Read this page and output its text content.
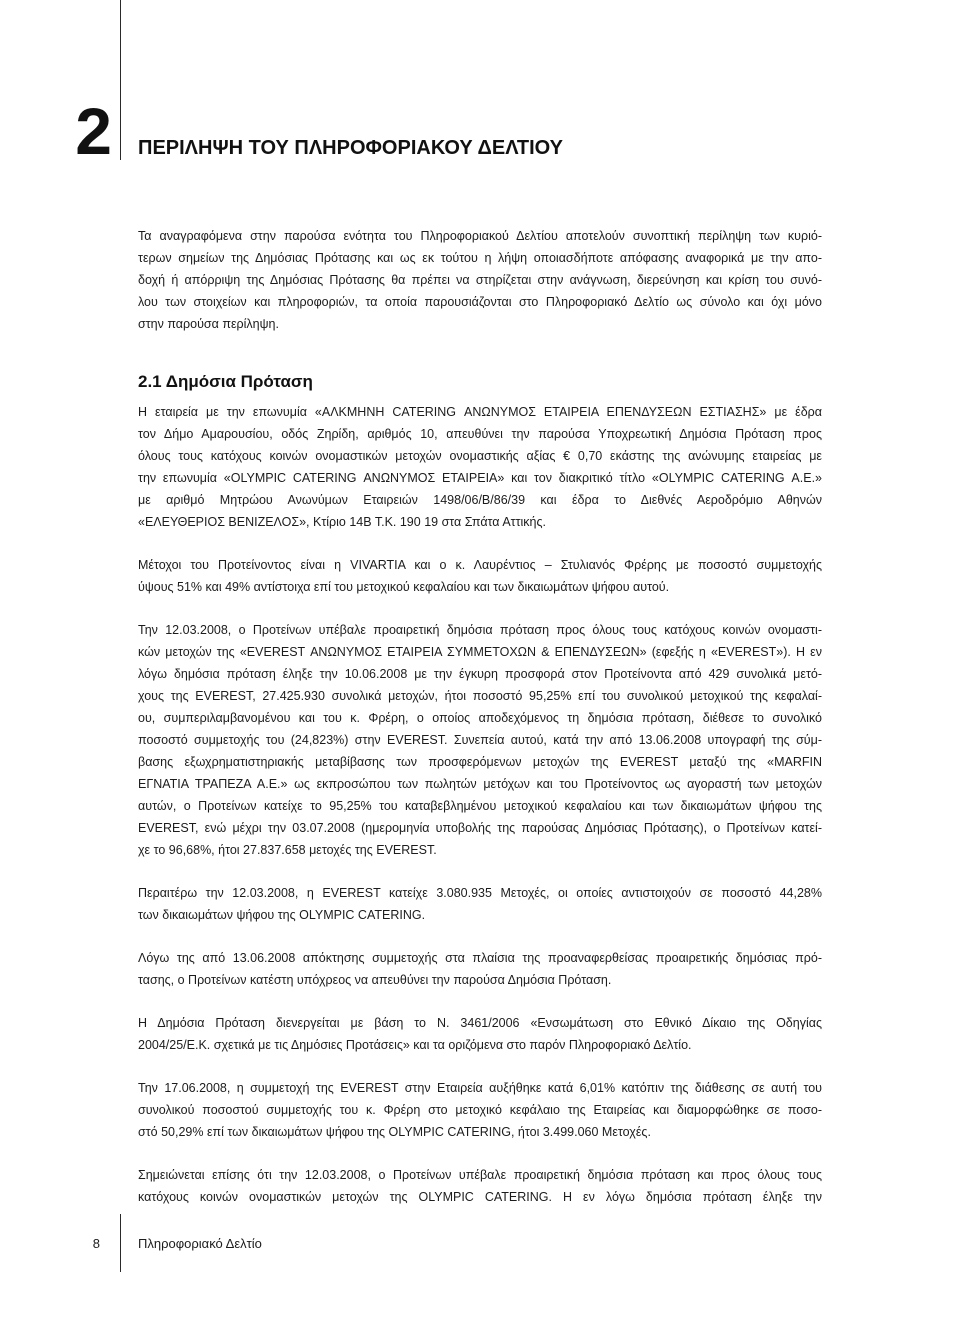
2 ΠΕΡΙΛΗΨΗ ΤΟΥ ΠΛΗΡΟΦΟΡΙΑΚΟΥ ΔΕΛΤΙΟΥ
Τα αναγραφόμενα στην παρούσα ενότητα του Πληροφοριακού Δελτίου αποτελούν συνοπτική περίληψη των κυριό-
τερων σημείων της Δημόσιας Πρότασης και ως εκ τούτου η λήψη οποιασδήποτε απόφασης αναφορικά με την απο-
δοχή ή απόρριψη της Δημόσιας Πρότασης θα πρέπει να στηρίζεται στην ανάγνωση, διερεύνηση και κρίση του συνό-
λου των στοιχείων και πληροφοριών, τα οποία παρουσιάζονται στο Πληροφοριακό Δελτίο ως σύνολο και όχι μόνο
στην παρούσα περίληψη.
2.1 Δημόσια Πρόταση
Η εταιρεία με την επωνυμία «ΑΛΚΜΗΝΗ CATERING ΑΝΩΝΥΜΟΣ ΕΤΑΙΡΕΙΑ ΕΠΕΝΔΥΣΕΩΝ ΕΣΤΙΑΣΗΣ» με έδρα
τον Δήμο Αμαρουσίου, οδός Ζηρίδη, αριθμός 10, απευθύνει την παρούσα Υποχρεωτική Δημόσια Πρόταση προς
όλους τους κατόχους κοινών ονομαστικών μετοχών ονομαστικής αξίας € 0,70 εκάστης της ανώνυμης εταιρείας με
την επωνυμία «OLYMPIC CATERING ΑΝΩΝΥΜΟΣ ΕΤΑΙΡΕΙΑ» και τον διακριτικό τίτλο «OLYMPIC CATERING Α.Ε.»
με αριθμό Μητρώου Ανωνύμων Εταιρειών 1498/06/Β/86/39 και έδρα το Διεθνές Αεροδρόμιο Αθηνών
«ΕΛΕΥΘΕΡΙΟΣ ΒΕΝΙΖΕΛΟΣ», Κτίριο 14Β Τ.Κ. 190 19 στα Σπάτα Αττικής.
Μέτοχοι του Προτείνοντος είναι η VIVARTIA και ο κ. Λαυρέντιος – Στυλιανός Φρέρης με ποσοστό συμμετοχής
ύψους 51% και 49% αντίστοιχα επί του μετοχικού κεφαλαίου και των δικαιωμάτων ψήφου αυτού.
Την 12.03.2008, ο Προτείνων υπέβαλε προαιρετική δημόσια πρόταση προς όλους τους κατόχους κοινών ονομαστι-
κών μετοχών της «EVEREST ΑΝΩΝΥΜΟΣ ΕΤΑΙΡΕΙΑ ΣΥΜΜΕΤΟΧΩΝ & ΕΠΕΝΔΥΣΕΩΝ» (εφεξής η «EVEREST»). Η εν
λόγω δημόσια πρόταση έληξε την 10.06.2008 με την έγκυρη προσφορά στον Προτείνοντα από 429 συνολικά μετό-
χους της EVEREST, 27.425.930 συνολικά μετοχών, ήτοι ποσοστό 95,25% επί του συνολικού μετοχικού της κεφαλαί-
ου, συμπεριλαμβανομένου και του κ. Φρέρη, ο οποίος αποδεχόμενος τη δημόσια πρόταση, διέθεσε το συνολικό
ποσοστό συμμετοχής του (24,823%) στην EVEREST. Συνεπεία αυτού, κατά την από 13.06.2008 υπογραφή της σύμ-
βασης εξωχρηματιστηριακής μεταβίβασης των προσφερόμενων μετοχών της EVEREST μεταξύ της «MARFIN
ΕΓΝΑΤΙΑ ΤΡΑΠΕΖΑ Α.Ε.» ως εκπροσώπου των πωλητών μετόχων και του Προτείνοντος ως αγοραστή των μετοχών
αυτών, ο Προτείνων κατείχε το 95,25% του καταβεβλημένου μετοχικού κεφαλαίου και των δικαιωμάτων ψήφου της
EVEREST, ενώ μέχρι την 03.07.2008 (ημερομηνία υποβολής της παρούσας Δημόσιας Πρότασης), ο Προτείνων κατεί-
χε το 96,68%, ήτοι 27.837.658 μετοχές της EVEREST.
Περαιτέρω την 12.03.2008, η EVEREST κατείχε 3.080.935 Μετοχές, οι οποίες αντιστοιχούν σε ποσοστό 44,28%
των δικαιωμάτων ψήφου της OLYMPIC CATERING.
Λόγω της από 13.06.2008 απόκτησης συμμετοχής στα πλαίσια της προαναφερθείσας προαιρετικής δημόσιας πρό-
τασης, ο Προτείνων κατέστη υπόχρεος να απευθύνει την παρούσα Δημόσια Πρόταση.
Η Δημόσια Πρόταση διενεργείται με βάση το Ν. 3461/2006 «Ενσωμάτωση στο Εθνικό Δίκαιο της Οδηγίας
2004/25/Ε.Κ. σχετικά με τις Δημόσιες Προτάσεις» και τα οριζόμενα στο παρόν Πληροφοριακό Δελτίο.
Την 17.06.2008, η συμμετοχή της EVEREST στην Εταιρεία αυξήθηκε κατά 6,01% κατόπιν της διάθεσης σε αυτή του
συνολικού ποσοστού συμμετοχής του κ. Φρέρη στο μετοχικό κεφάλαιο της Εταιρείας και διαμορφώθηκε σε ποσο-
στό 50,29% επί των δικαιωμάτων ψήφου της OLYMPIC CATERING, ήτοι 3.499.060 Μετοχές.
Σημειώνεται επίσης ότι την 12.03.2008, ο Προτείνων υπέβαλε προαιρετική δημόσια πρόταση και προς όλους τους
κατόχους κοινών ονομαστικών μετοχών της OLYMPIC CATERING. Η εν λόγω δημόσια πρόταση έληξε την
8	Πληροφοριακό Δελτίο
